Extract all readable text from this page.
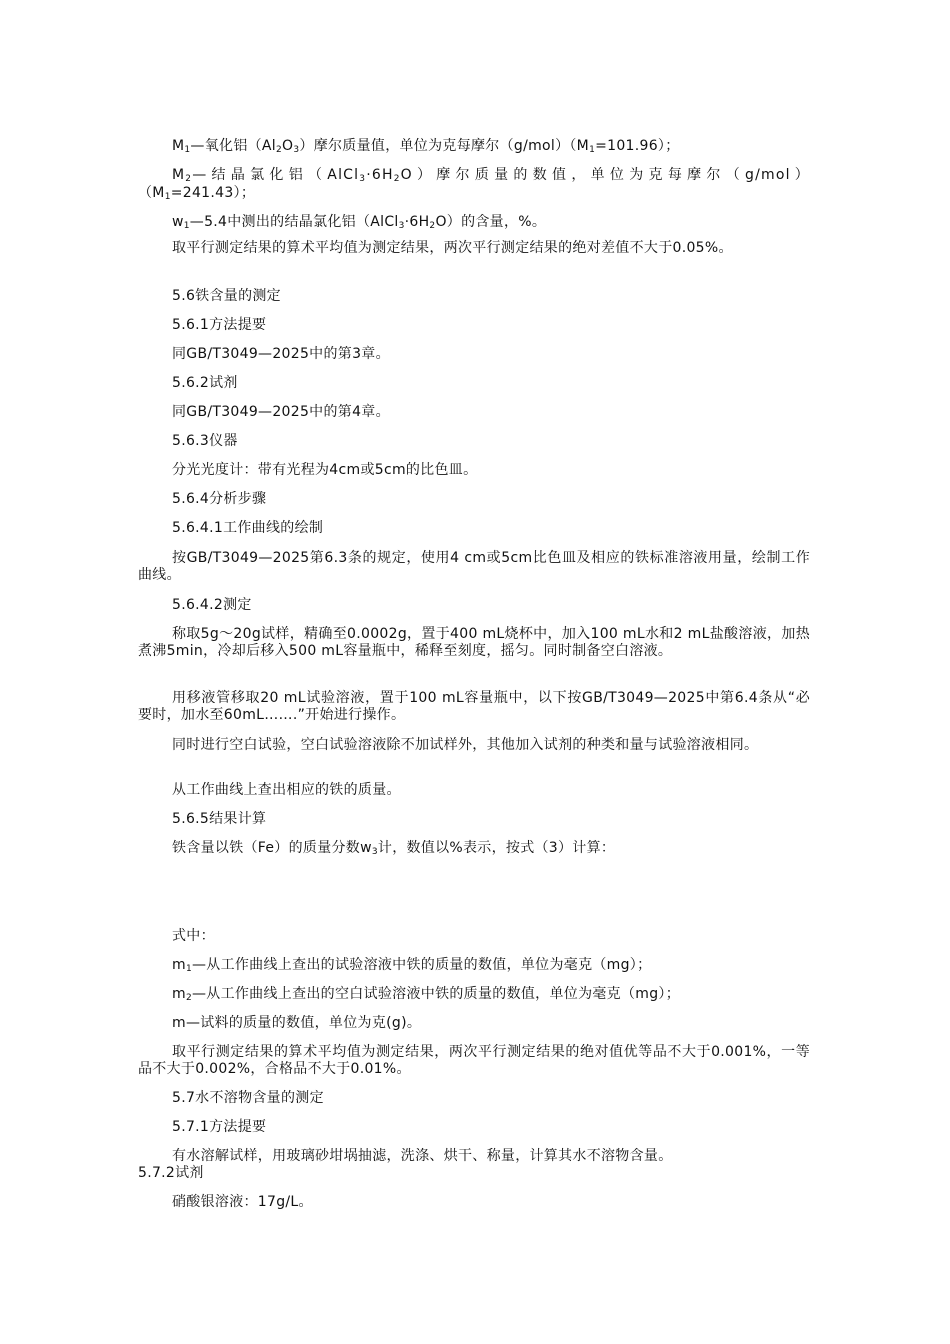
$M_1—$氧化铝$(Al_2O_3)$摩尔质量值，单位为克每摩尔$(g/mol)(M_1=101.96)$；
$M_2—$结晶氯化铝$(AlCl_3\cdot 6H_2O)$摩尔质量的数值，单位为克每摩尔（g/mol）
$(M_1=241.43)$；
$w_1—5.4$中测出的结晶氯化铝$(AlCl_3\cdot 6H_2O)$的含量，%。
取平行测定结果的算术平均值为测定结果，两次平行测定结果的绝对差值不大于0.05%。
5.6铁含量的测定
5.6.1方法提要
同GB/T3049—2025中的第3章。
5.6.2试剂
同GB/T3049—2025中的第4章。
5.6.3仪器
分光光度计：带有光程为4cm或5cm的比色皿。
5.6.4分析步骤
5.6.4.1工作曲线的绘制
按GB/T3049—2025第6.3条的规定，使用4 cm或5cm比色皿及相应的铁标准溶液用量，绘制工作曲线。
5.6.4.2测定
称取5g～20g试样，精确至0.0002g，置于400 mL烧杯中，加入100 mL水和2 mL盐酸溶液，加热煮沸5min，冷却后移入500 mL容量瓶中，稀释至刻度，摇匀。同时制备空白溶液。
用移液管移取20 mL试验溶液，置于100 mL容量瓶中，以下按GB/T3049—2025中第6.4条从“必要时，加水至60mL…….”开始进行操作。
同时进行空白试验，空白试验溶液除不加试样外，其他加入试剂的种类和量与试验溶液相同。
从工作曲线上查出相应的铁的质量。
5.6.5结果计算
铁含量以铁（Fe）的质量分数$w_3$计，数值以%表示，按式（3）计算：
式中：
$m_1—$从工作曲线上查出的试验溶液中铁的质量的数值，单位为毫克（mg）；
$m_2—$从工作曲线上查出的空白试验溶液中铁的质量的数值，单位为毫克（mg）；
m—试料的质量的数值，单位为克(g)。
取平行测定结果的算术平均值为测定结果，两次平行测定结果的绝对值优等品不大于0.001%，一等品不大于0.002%，合格品不大于0.01%。
5.7水不溶物含量的测定
5.7.1方法提要
有水溶解试样，用玻璃砂坩埚抽滤，洗涤、烘干、称量，计算其水不溶物含量。
5.7.2试剂
硝酸银溶液：17g/L。
